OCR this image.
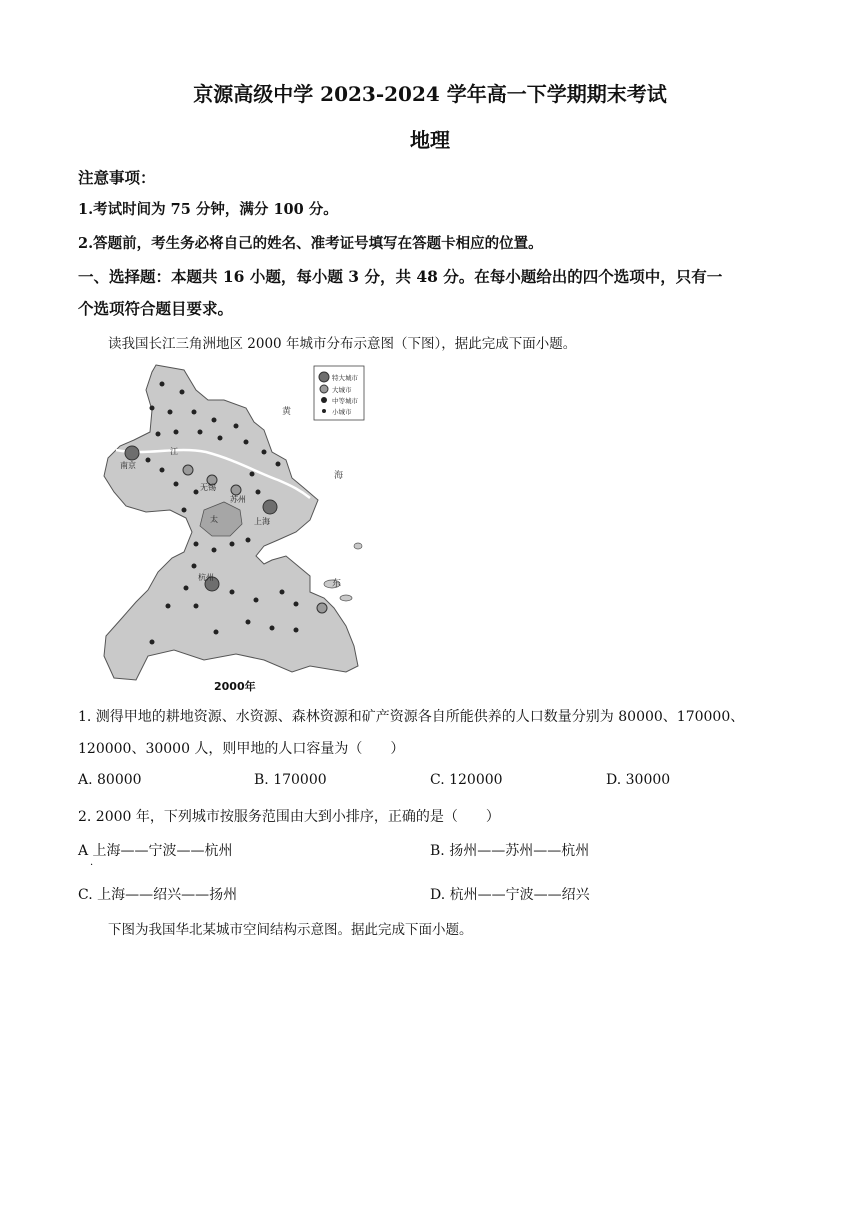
京源高级中学 2023-2024 学年高一下学期期末考试
地理
注意事项：
1.考试时间为 75 分钟，满分 100 分。
2.答题前，考生务必将自己的姓名、准考证号填写在答题卡相应的位置。
一、选择题：本题共 16 小题，每小题 3 分，共 48 分。在每小题给出的四个选项中，只有一
个选项符合题目要求。
读我国长江三角洲地区 2000 年城市分布示意图（下图），据此完成下面小题。
南京
上海
杭州
无锡
苏州
太
江
黄
海
东
特大城市
大城市
中等城市
小城市
2000年
1. 测得甲地的耕地资源、水资源、森林资源和矿产资源各自所能供养的人口数量分别为 80000、170000、
120000、30000 人，则甲地的人口容量为（　　）
A. 80000	B. 170000	C. 120000	D. 30000
2. 2000 年，下列城市按服务范围由大到小排序，正确的是（　　）
A 上海——宁波——杭州
·
B. 扬州——苏州——杭州
C. 上海——绍兴——扬州	D. 杭州——宁波——绍兴
下图为我国华北某城市空间结构示意图。据此完成下面小题。
